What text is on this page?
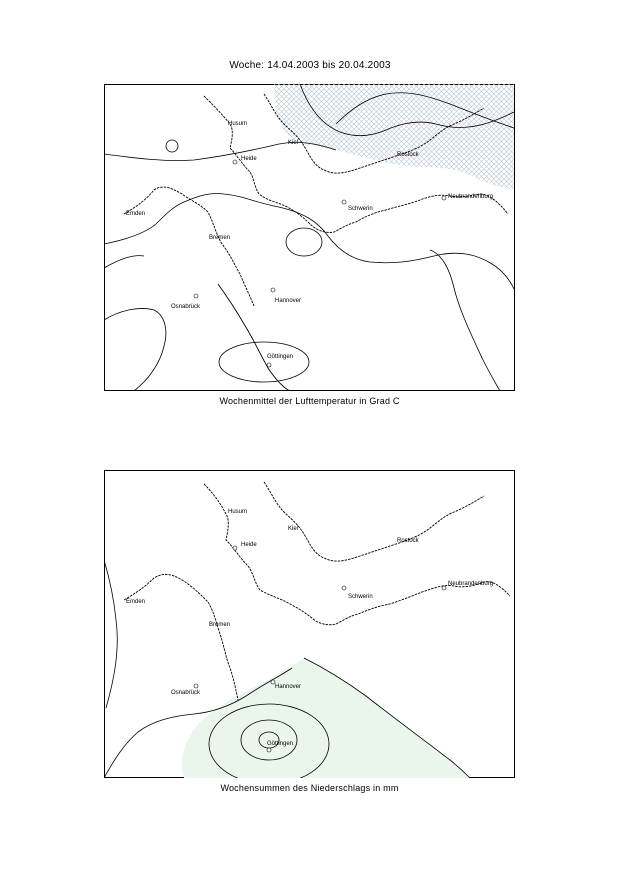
Woche: 14.04.2003 bis 20.04.2003
Husum
Kiel
Heide
Rostock
Emden
Schwerin
Neubrandenburg
Bremen
Osnabrück
Hannover
Göttingen
Wochenmittel der Lufttemperatur in Grad C
Husum
Kiel
Heide
Rostock
Emden
Schwerin
Neubrandenburg
Bremen
Osnabrück
Hannover
Göttingen
Wochensummen des Niederschlags in mm
